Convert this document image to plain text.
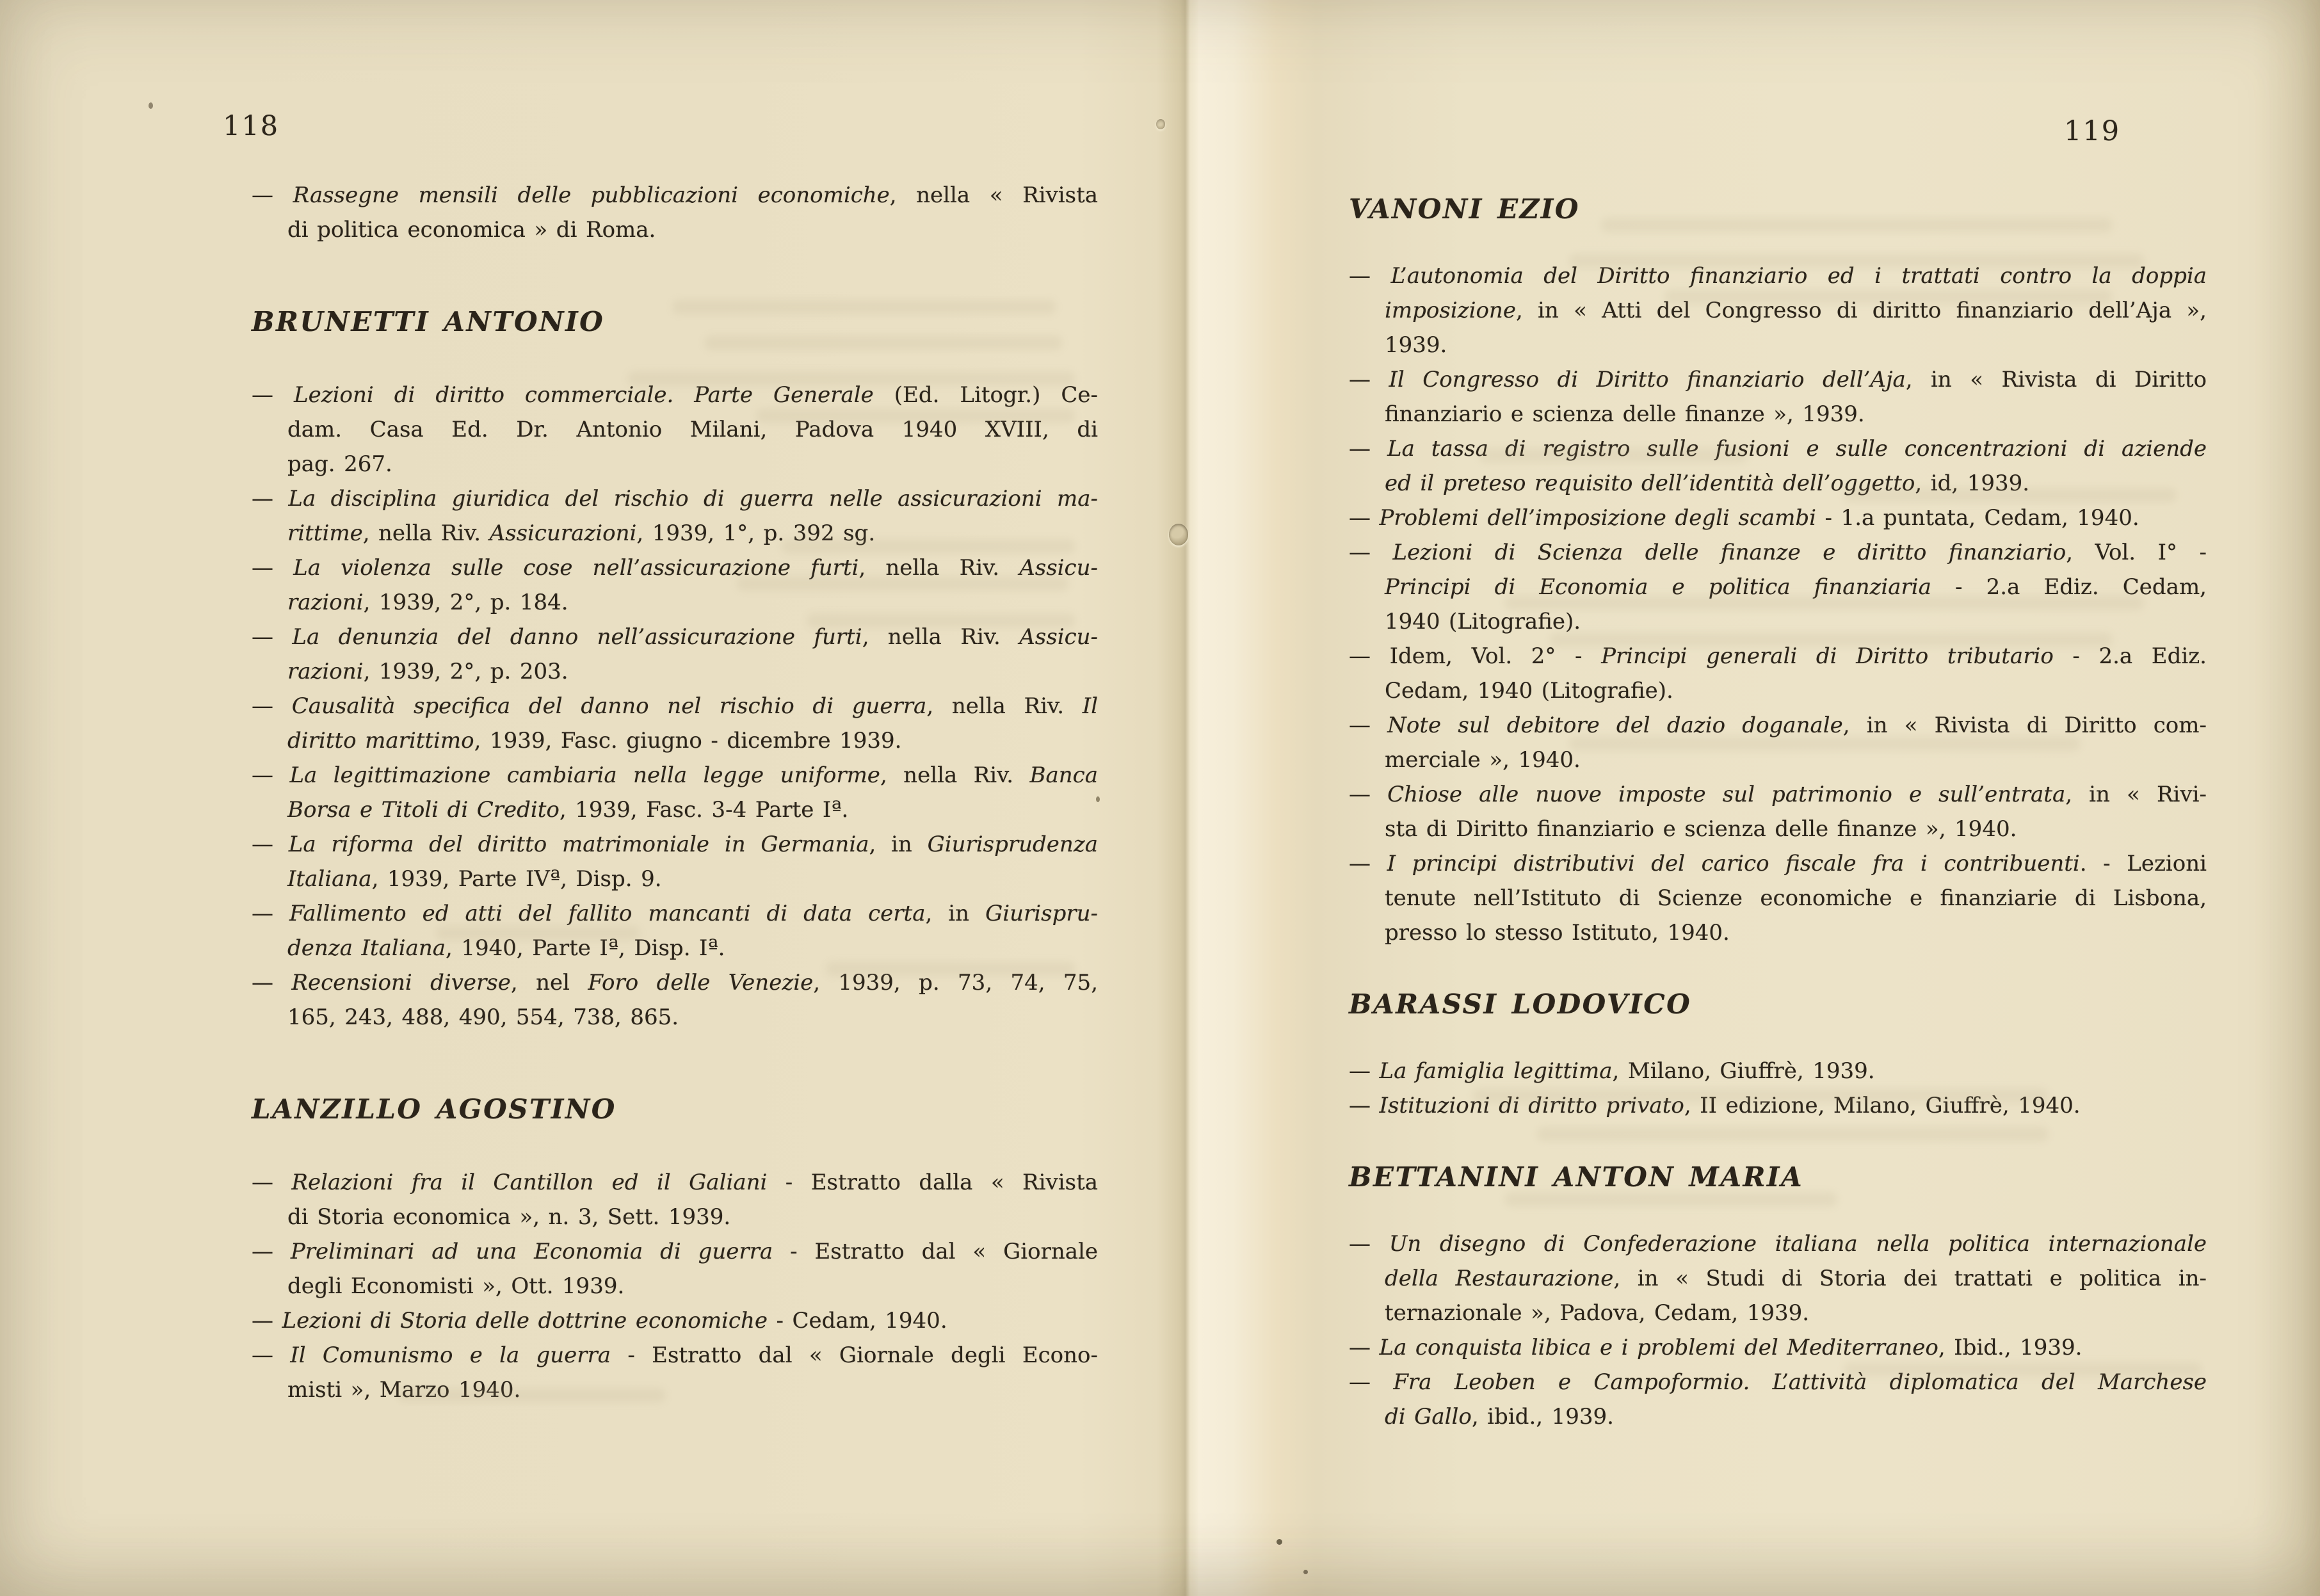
118
— Rassegne mensili delle pubblicazioni economiche, nella « Rivista
di politica economica » di Roma.
BRUNETTI ANTONIO
— Lezioni di diritto commerciale. Parte Generale (Ed. Litogr.) Ce-
dam. Casa Ed. Dr. Antonio Milani, Padova 1940 XVIII, di
pag. 267.
— La disciplina giuridica del rischio di guerra nelle assicurazioni ma-
rittime, nella Riv. Assicurazioni, 1939, 1°, p. 392 sg.
— La violenza sulle cose nell’assicurazione furti, nella Riv. Assicu-
razioni, 1939, 2°, p. 184.
— La denunzia del danno nell’assicurazione furti, nella Riv. Assicu-
razioni, 1939, 2°, p. 203.
— Causalità specifica del danno nel rischio di guerra, nella Riv. Il
diritto marittimo, 1939, Fasc. giugno - dicembre 1939.
— La legittimazione cambiaria nella legge uniforme, nella Riv. Banca
Borsa e Titoli di Credito, 1939, Fasc. 3-4 Parte Iª.
— La riforma del diritto matrimoniale in Germania, in Giurisprudenza
Italiana, 1939, Parte IVª, Disp. 9.
— Fallimento ed atti del fallito mancanti di data certa, in Giurispru-
denza Italiana, 1940, Parte Iª, Disp. Iª.
— Recensioni diverse, nel Foro delle Venezie, 1939, p. 73, 74, 75,
165, 243, 488, 490, 554, 738, 865.
LANZILLO AGOSTINO
— Relazioni fra il Cantillon ed il Galiani - Estratto dalla « Rivista
di Storia economica », n. 3, Sett. 1939.
— Preliminari ad una Economia di guerra - Estratto dal « Giornale
degli Economisti », Ott. 1939.
— Lezioni di Storia delle dottrine economiche - Cedam, 1940.
— Il Comunismo e la guerra - Estratto dal « Giornale degli Econo-
misti », Marzo 1940.
119
VANONI EZIO
— L’autonomia del Diritto finanziario ed i trattati contro la doppia
imposizione, in « Atti del Congresso di diritto finanziario dell’Aja »,
1939.
— Il Congresso di Diritto finanziario dell’Aja, in « Rivista di Diritto
finanziario e scienza delle finanze », 1939.
— La tassa di registro sulle fusioni e sulle concentrazioni di aziende
ed il preteso requisito dell’identità dell’oggetto, id, 1939.
— Problemi dell’imposizione degli scambi - 1.a puntata, Cedam, 1940.
— Lezioni di Scienza delle finanze e diritto finanziario, Vol. I° -
Principi di Economia e politica finanziaria - 2.a Ediz. Cedam,
1940 (Litografie).
— Idem, Vol. 2° - Principi generali di Diritto tributario - 2.a Ediz.
Cedam, 1940 (Litografie).
— Note sul debitore del dazio doganale, in « Rivista di Diritto com-
merciale », 1940.
— Chiose alle nuove imposte sul patrimonio e sull’entrata, in « Rivi-
sta di Diritto finanziario e scienza delle finanze », 1940.
— I principi distributivi del carico fiscale fra i contribuenti. - Lezioni
tenute nell’Istituto di Scienze economiche e finanziarie di Lisbona,
presso lo stesso Istituto, 1940.
BARASSI LODOVICO
— La famiglia legittima, Milano, Giuffrè, 1939.
— Istituzioni di diritto privato, II edizione, Milano, Giuffrè, 1940.
BETTANINI ANTON MARIA
— Un disegno di Confederazione italiana nella politica internazionale
della Restaurazione, in « Studi di Storia dei trattati e politica in-
ternazionale », Padova, Cedam, 1939.
— La conquista libica e i problemi del Mediterraneo, Ibid., 1939.
— Fra Leoben e Campoformio. L’attività diplomatica del Marchese
di Gallo, ibid., 1939.
